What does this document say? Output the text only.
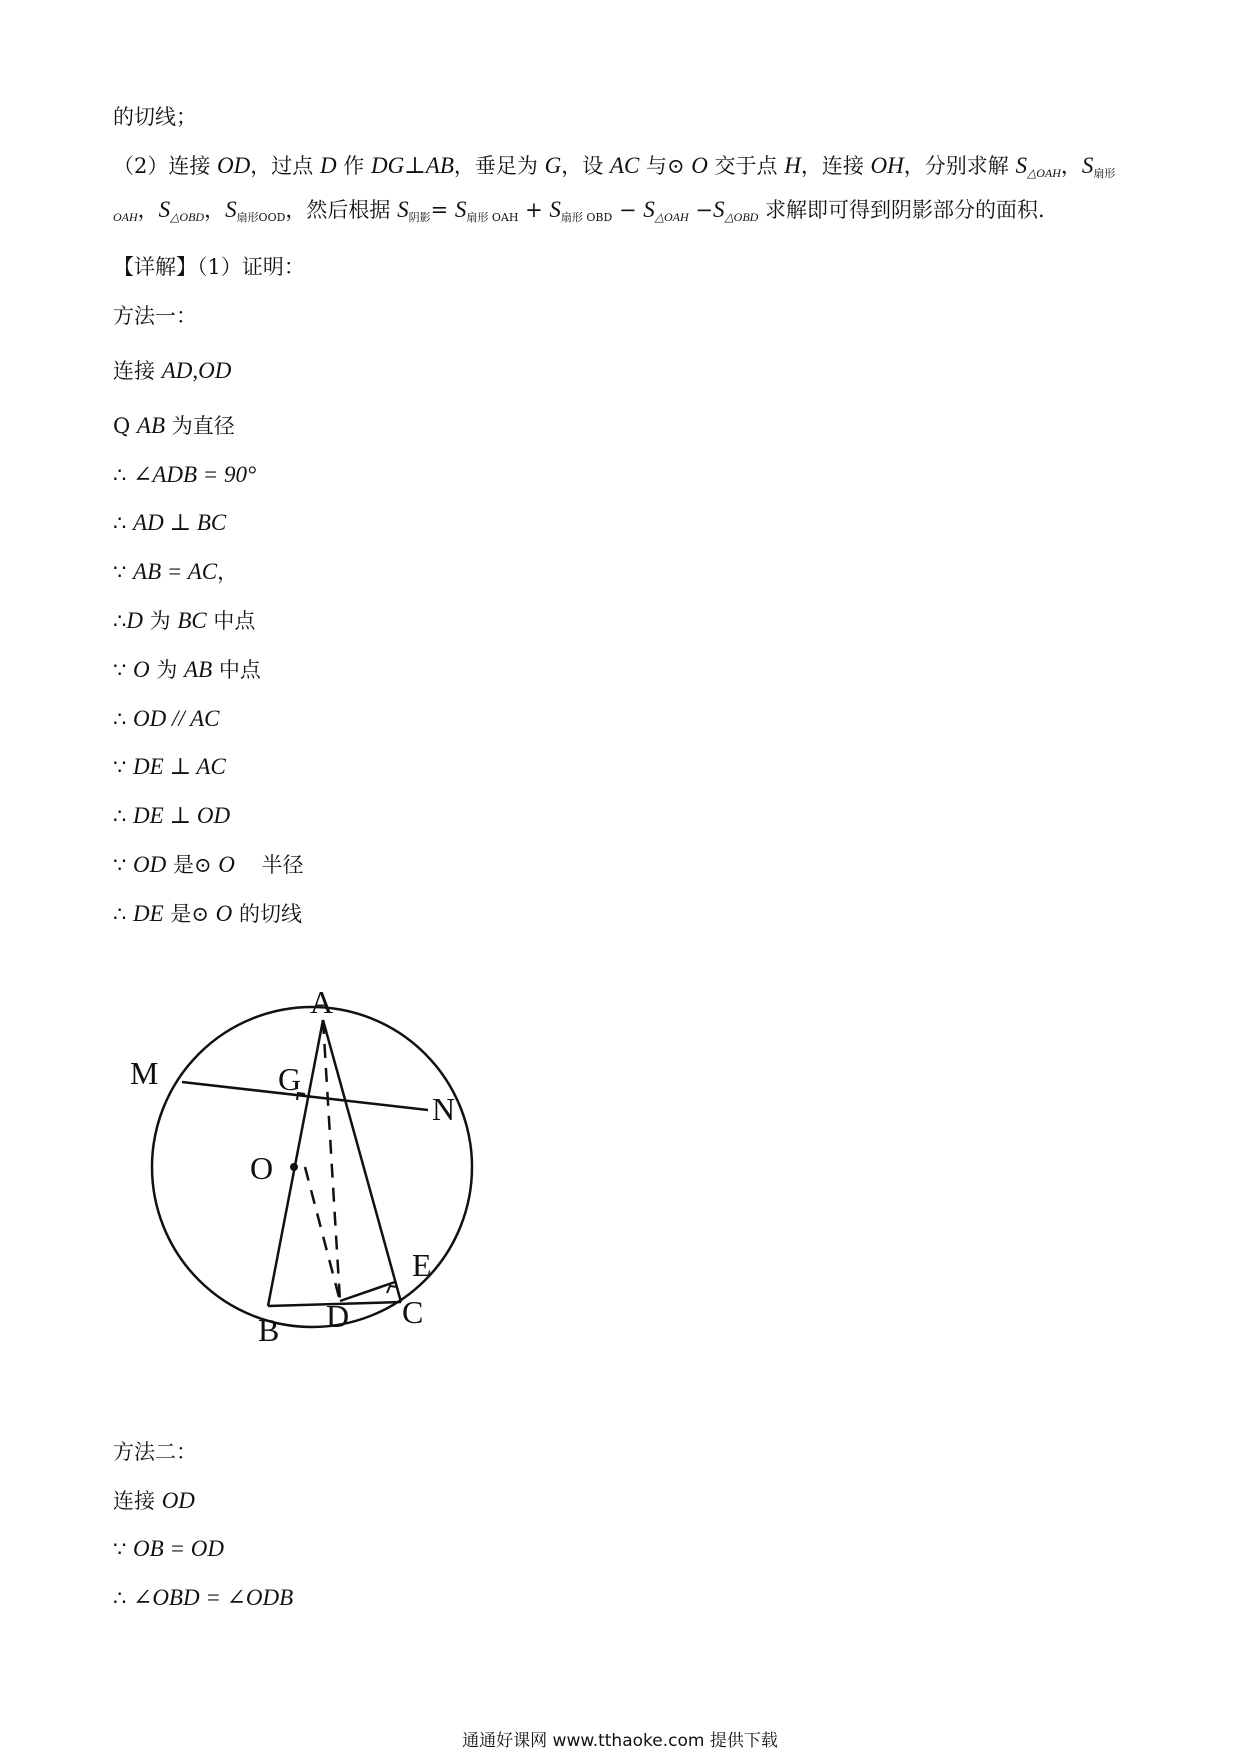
的切线；
（2）连接 OD，过点 D 作 DG⊥AB，垂足为 G，设 AC 与⊙ O 交于点 H，连接 OH，分别求解 S△OAH，S扇形
OAH，S△OBD，S扇形OOD，然后根据 S阴影= S扇形 OAH + S扇形 OBD − S△OAH −S△OBD 求解即可得到阴影部分的面积.
【详解】（1）证明：
方法一：
连接 AD,OD
Q AB 为直径
∴ ∠ADB = 90°
∴ AD ⊥ BC
∵ AB = AC，
∴D 为 BC 中点
∵ O 为 AB 中点
∴ OD // AC
∵ DE ⊥ AC
∴ DE ⊥ OD
∵ OD 是⊙ O    半径
∴ DE 是⊙ O 的切线
A
G
M
N
O
E
B D C
方法二：
连接 OD
∵ OB = OD
∴ ∠OBD = ∠ODB
通通好课网 www.tthaoke.com 提供下载
